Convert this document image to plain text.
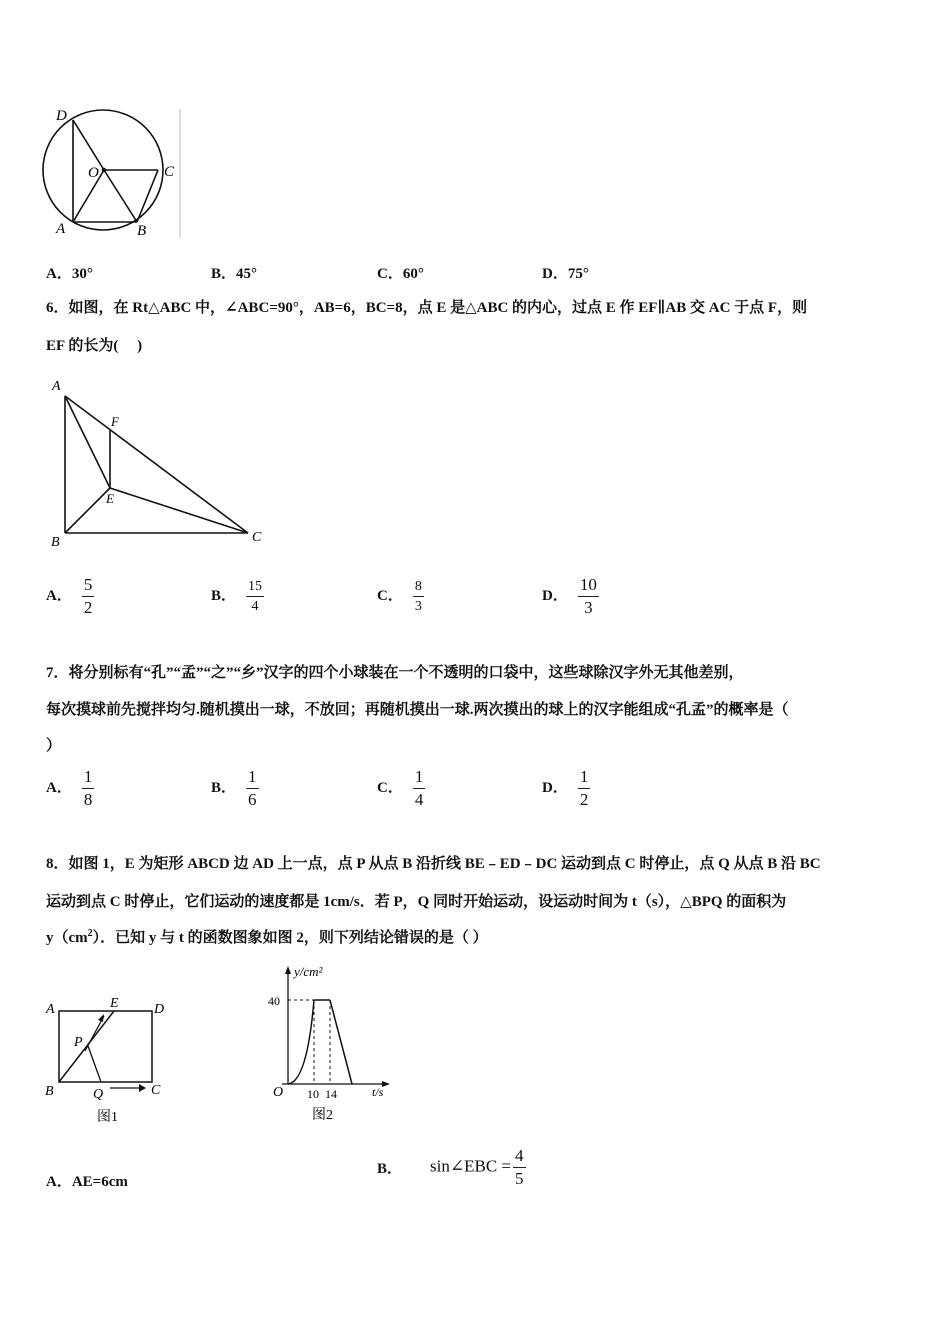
D
O	C
A	B
A．30°	B．45°	C．60°	D．75°
6．如图，在 Rt△ABC 中，∠ABC=90°，AB=6，BC=8，点 E 是△ABC 的内心，过点 E 作 EF∥AB 交 AC 于点 F，则
EF 的长为(　 )
A
F
E
B	C
A． $\frac{5}{2}$	B． $\frac{15}{4}$	C． $\frac{8}{3}$	D． $\frac{10}{3}$
7．将分别标有“孔”“孟”“之”“乡”汉字的四个小球装在一个不透明的口袋中，这些球除汉字外无其他差别，
每次摸球前先搅拌均匀.随机摸出一球，不放回；再随机摸出一球.两次摸出的球上的汉字能组成“孔孟”的概率是（
）
A． $\frac{1}{8}$	B． $\frac{1}{6}$	C． $\frac{1}{4}$	D． $\frac{1}{2}$
8．如图 1，E 为矩形 ABCD 边 AD 上一点，点 P 从点 B 沿折线 BE﹣ED﹣DC 运动到点 C 时停止，点 Q 从点 B 沿 BC
运动到点 C 时停止，它们运动的速度都是 1cm/s．若 P，Q 同时开始运动，设运动时间为 t（s），△BPQ 的面积为
$y(cm^2)$．已知 y 与 t 的函数图象如图 2，则下列结论错误的是（ ）
A	E	D
P
B	Q	C
图1
y/cm²
40
O 10 14	t/s
图2
A．AE=6cm
B． sin∠EBC = $\frac{4}{5}$
